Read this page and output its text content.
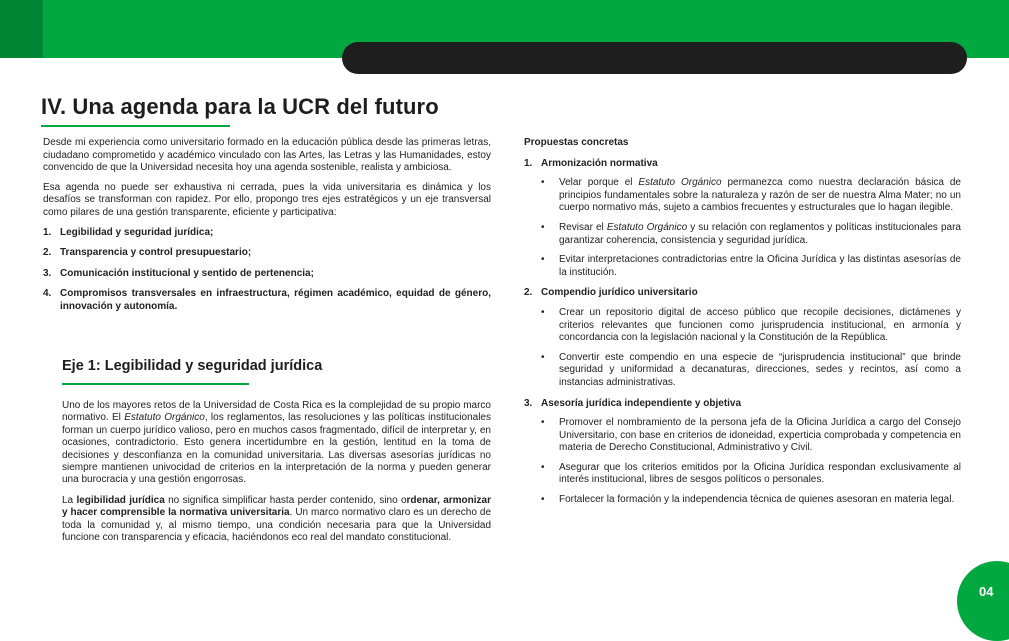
IV. Una agenda para la UCR del futuro

Desde mi experiencia como universitario formado en la educación pública desde las primeras letras, ciudadano comprometido y académico vinculado con las Artes, las Letras y las Humanidades, estoy convencido de que la Universidad necesita hoy una agenda sostenible, realista y ambiciosa.

Esa agenda no puede ser exhaustiva ni cerrada, pues la vida universitaria es dinámica y los desafíos se transforman con rapidez. Por ello, propongo tres ejes estratégicos y un eje transversal como pilares de una gestión transparente, eficiente y participativa:

1. Legibilidad y seguridad jurídica;
2. Transparencia y control presupuestario;
3. Comunicación institucional y sentido de pertenencia;
4. Compromisos transversales en infraestructura, régimen académico, equidad de género, innovación y autonomía.
Eje 1: Legibilidad y seguridad jurídica

Uno de los mayores retos de la Universidad de Costa Rica es la complejidad de su propio marco normativo. El Estatuto Orgánico, los reglamentos, las resoluciones y las políticas institucionales forman un cuerpo jurídico valioso, pero en muchos casos fragmentado, difícil de interpretar y, en ocasiones, contradictorio. Esto genera incertidumbre en la gestión, lentitud en la toma de decisiones y desconfianza en la comunidad universitaria. Las diversas asesorías jurídicas no siempre mantienen univocidad de criterios en la interpretación de la norma y pueden generar una burocracia y una gestión engorrosas.

La legibilidad jurídica no significa simplificar hasta perder contenido, sino ordenar, armonizar y hacer comprensible la normativa universitaria. Un marco normativo claro es un derecho de toda la comunidad y, al mismo tiempo, una condición necesaria para que la Universidad funcione con transparencia y eficacia, haciéndonos eco real del mandato constitucional.

Propuestas concretas
1. Armonización normativa
• Velar porque el Estatuto Orgánico permanezca como nuestra declaración básica de principios fundamentales sobre la naturaleza y razón de ser de nuestra Alma Mater; no un cuerpo normativo más, sujeto a cambios frecuentes y estructurales que lo hagan ilegible.
• Revisar el Estatuto Orgánico y su relación con reglamentos y políticas institucionales para garantizar coherencia, consistencia y seguridad jurídica.
• Evitar interpretaciones contradictorias entre la Oficina Jurídica y las distintas asesorías de la institución.
2. Compendio jurídico universitario
• Crear un repositorio digital de acceso público que recopile decisiones, dictámenes y criterios relevantes que funcionen como jurisprudencia institucional, en armonía y concordancia con la legislación nacional y la Constitución de la República.
• Convertir este compendio en una especie de “jurisprudencia institucional” que brinde seguridad y uniformidad a decanaturas, direcciones, sedes y recintos, así como a instancias administrativas.
3. Asesoría jurídica independiente y objetiva
• Promover el nombramiento de la persona jefa de la Oficina Jurídica a cargo del Consejo Universitario, con base en criterios de idoneidad, experticia comprobada y competencia en materia de Derecho Constitucional, Administrativo y Civil.
• Asegurar que los criterios emitidos por la Oficina Jurídica respondan exclusivamente al interés institucional, libres de sesgos políticos o personales.
• Fortalecer la formación y la independencia técnica de quienes asesoran en materia legal.
04
